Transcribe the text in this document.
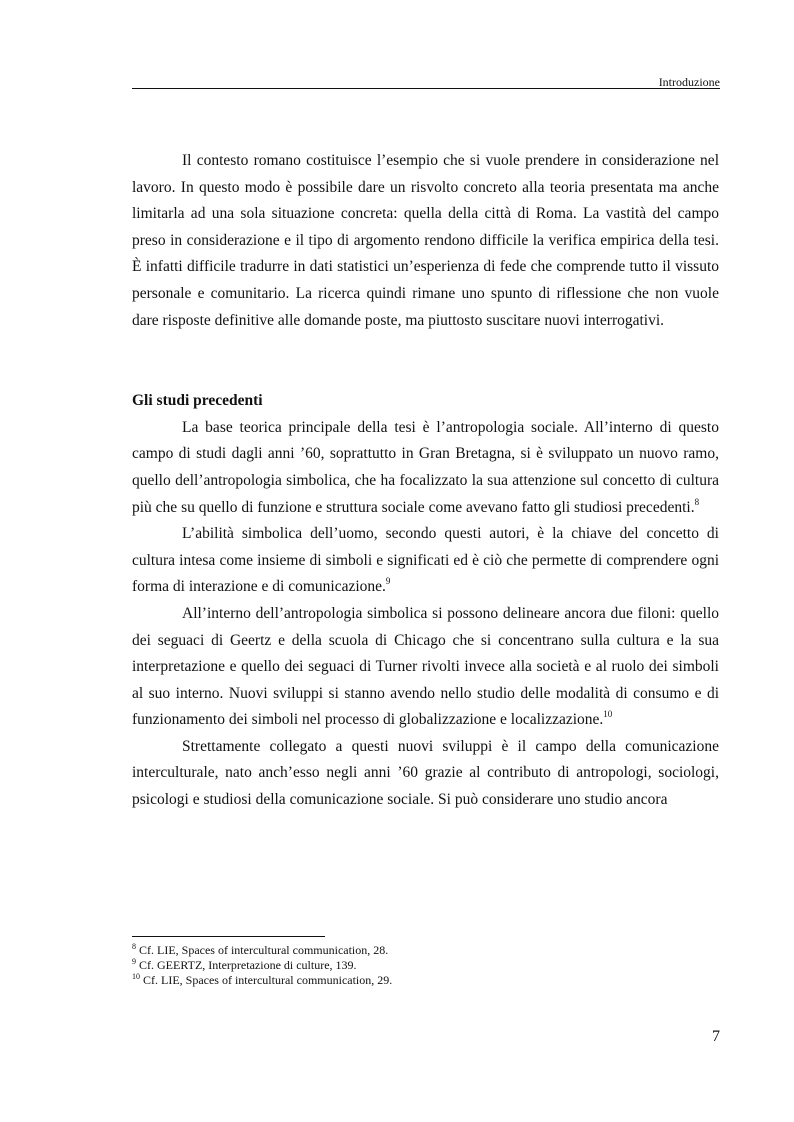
Introduzione

Il contesto romano costituisce l’esempio che si vuole prendere in considerazione nel lavoro. In questo modo è possibile dare un risvolto concreto alla teoria presentata ma anche limitarla ad una sola situazione concreta: quella della città di Roma. La vastità del campo preso in considerazione e il tipo di argomento rendono difficile la verifica empirica della tesi. È infatti difficile tradurre in dati statistici un’esperienza di fede che comprende tutto il vissuto personale e comunitario. La ricerca quindi rimane uno spunto di riflessione che non vuole dare risposte definitive alle domande poste, ma piuttosto suscitare nuovi interrogativi.

Gli studi precedenti

La base teorica principale della tesi è l’antropologia sociale. All’interno di questo campo di studi dagli anni ’60, soprattutto in Gran Bretagna, si è sviluppato un nuovo ramo, quello dell’antropologia simbolica, che ha focalizzato la sua attenzione sul concetto di cultura più che su quello di funzione e struttura sociale come avevano fatto gli studiosi precedenti.$^8$

L’abilità simbolica dell’uomo, secondo questi autori, è la chiave del concetto di cultura intesa come insieme di simboli e significati ed è ciò che permette di comprendere ogni forma di interazione e di comunicazione.$^9$

All’interno dell’antropologia simbolica si possono delineare ancora due filoni: quello dei seguaci di Geertz e della scuola di Chicago che si concentrano sulla cultura e la sua interpretazione e quello dei seguaci di Turner rivolti invece alla società e al ruolo dei simboli al suo interno. Nuovi sviluppi si stanno avendo nello studio delle modalità di consumo e di funzionamento dei simboli nel processo di globalizzazione e localizzazione.$^{10}$

Strettamente collegato a questi nuovi sviluppi è il campo della comunicazione interculturale, nato anch’esso negli anni ’60 grazie al contributo di antropologi, sociologi, psicologi e studiosi della comunicazione sociale. Si può considerare uno studio ancora

$^8$ Cf. LIE, Spaces of intercultural communication, 28.
$^9$ Cf. GEERTZ, Interpretazione di culture, 139.
$^{10}$ Cf. LIE, Spaces of intercultural communication, 29.
7
